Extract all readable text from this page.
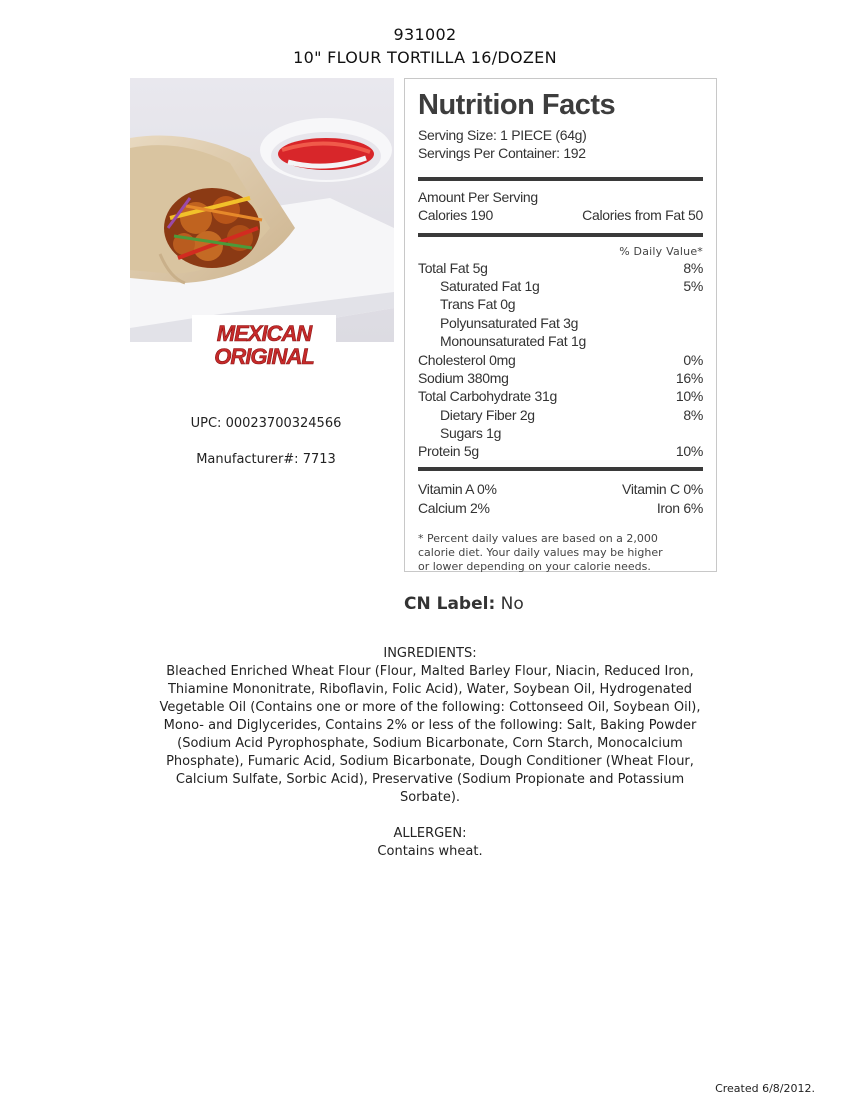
931002
10" FLOUR TORTILLA 16/DOZEN
MEXICAN
ORIGINAL
UPC: 00023700324566
Manufacturer#: 7713
Nutrition Facts
Serving Size: 1 PIECE (64g)
Servings Per Container: 192
Amount Per Serving
Calories 190	Calories from Fat 50
% Daily Value*
Total Fat 5g	8%
Saturated Fat 1g	5%
Trans Fat 0g
Polyunsaturated Fat 3g
Monounsaturated Fat 1g
Cholesterol 0mg	0%
Sodium 380mg	16%
Total Carbohydrate 31g	10%
Dietary Fiber 2g	8%
Sugars 1g
Protein 5g	10%
Vitamin A 0%	Vitamin C 0%
Calcium 2%	Iron 6%
* Percent daily values are based on a 2,000
calorie diet. Your daily values may be higher
or lower depending on your calorie needs.
CN Label: No
INGREDIENTS:
Bleached Enriched Wheat Flour (Flour, Malted Barley Flour, Niacin, Reduced Iron,
Thiamine Mononitrate, Riboflavin, Folic Acid), Water, Soybean Oil, Hydrogenated
Vegetable Oil (Contains one or more of the following: Cottonseed Oil, Soybean Oil),
Mono- and Diglycerides, Contains 2% or less of the following: Salt, Baking Powder
(Sodium Acid Pyrophosphate, Sodium Bicarbonate, Corn Starch, Monocalcium
Phosphate), Fumaric Acid, Sodium Bicarbonate, Dough Conditioner (Wheat Flour,
Calcium Sulfate, Sorbic Acid), Preservative (Sodium Propionate and Potassium
Sorbate).
ALLERGEN:
Contains wheat.
Created 6/8/2012.
